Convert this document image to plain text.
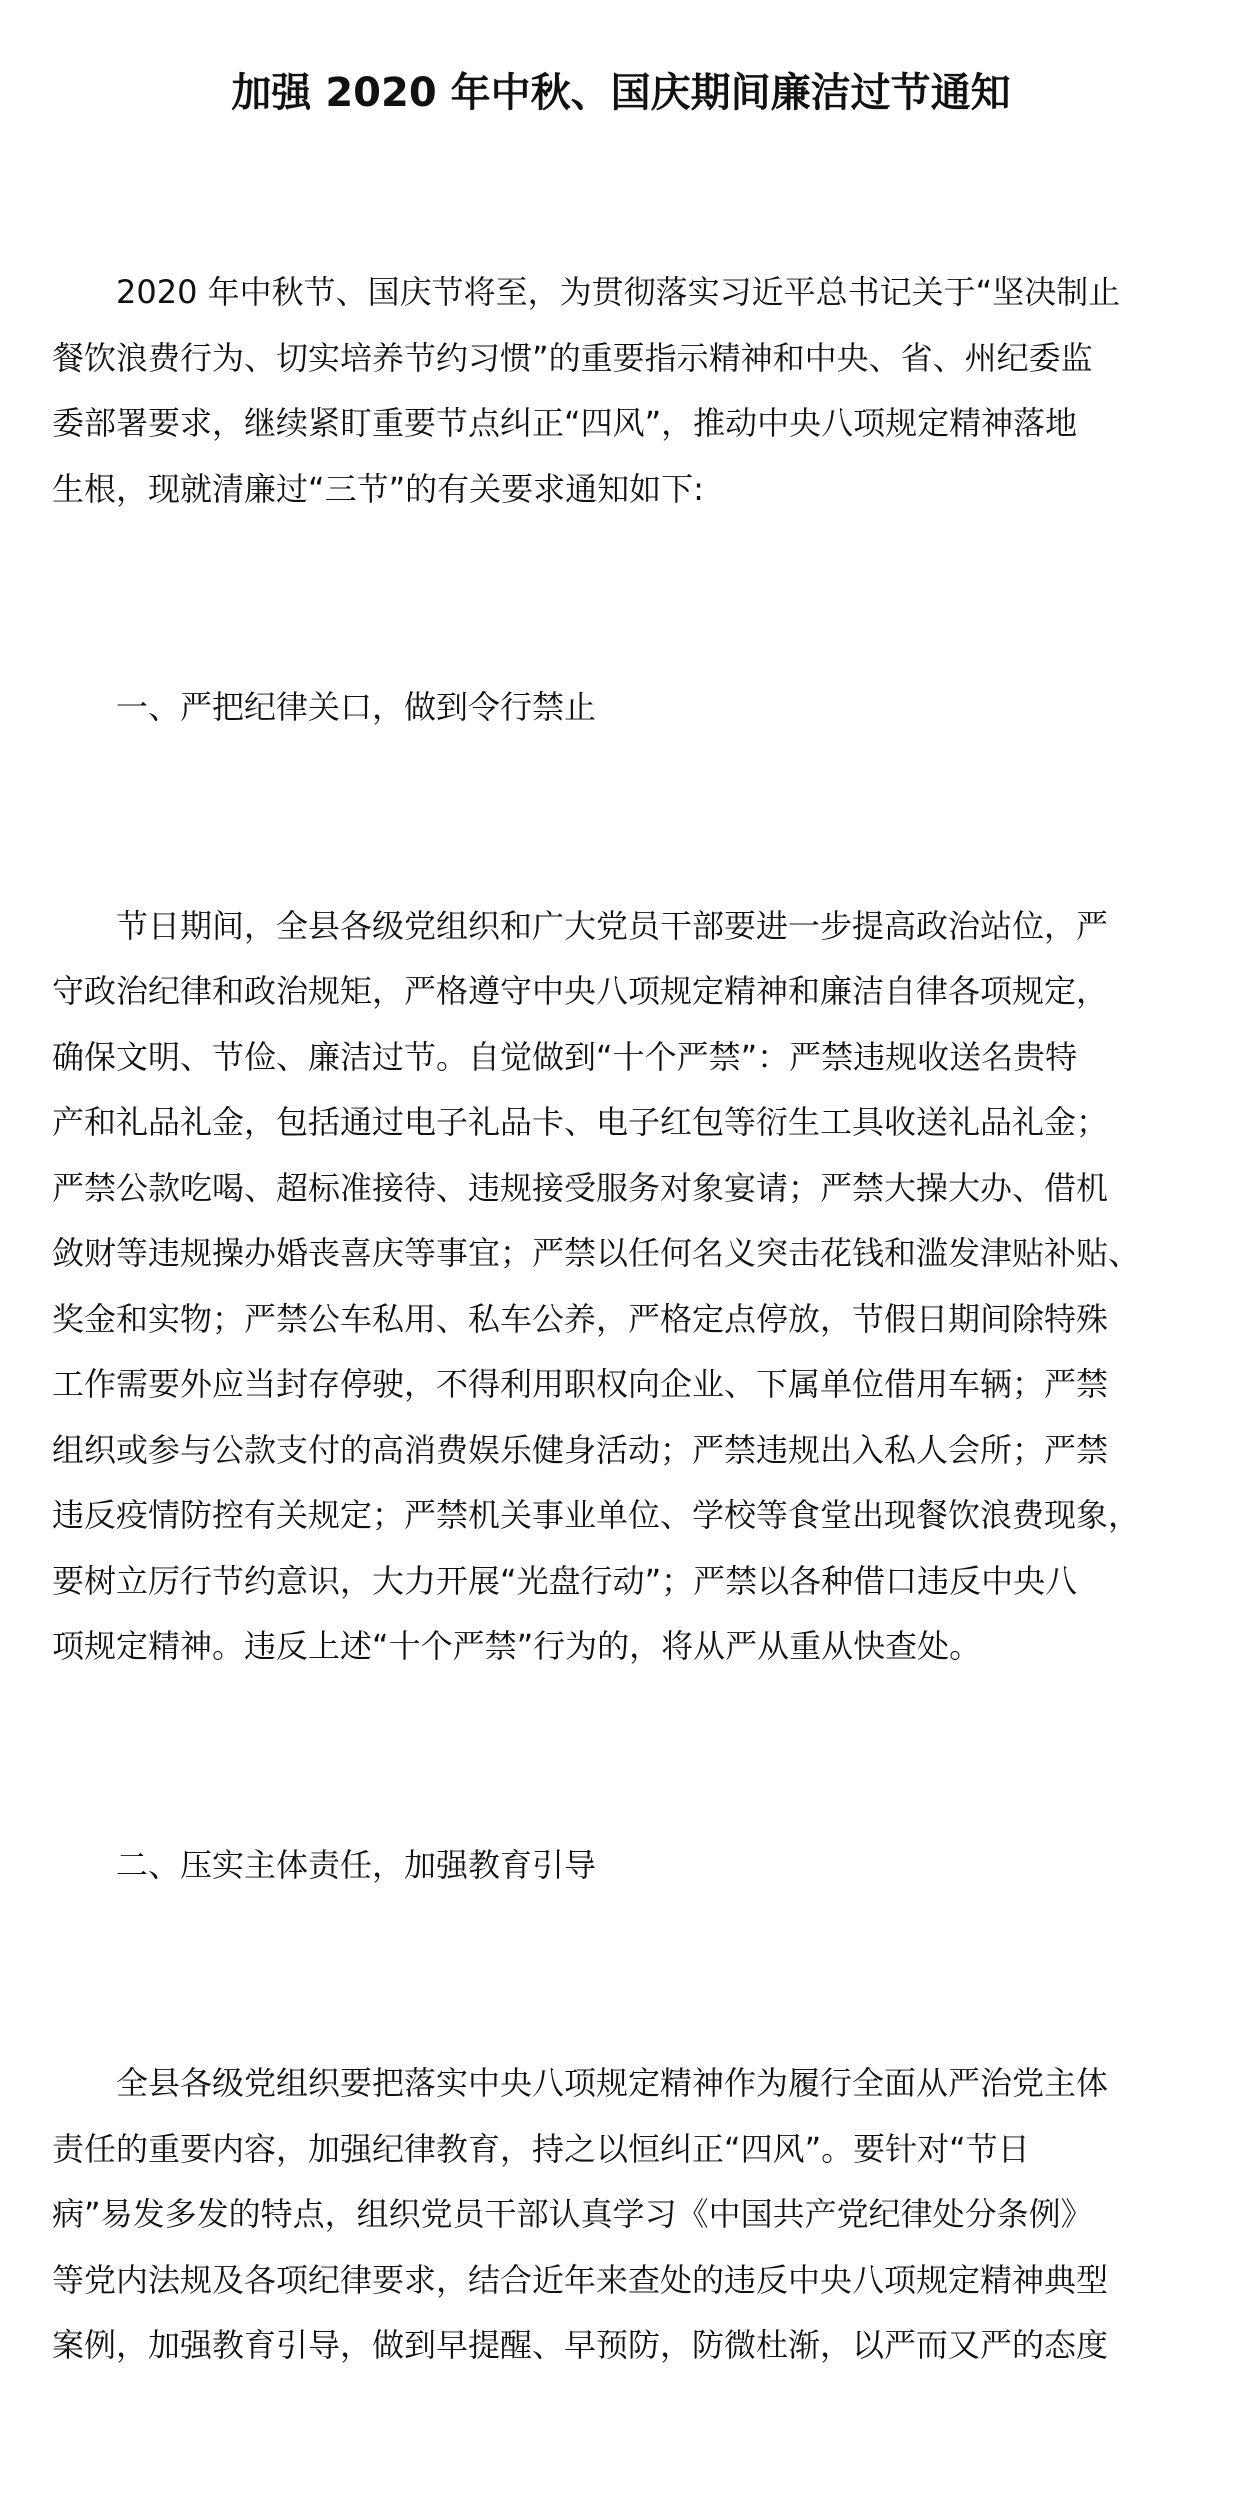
加强 2020 年中秋、国庆期间廉洁过节通知

2020 年中秋节、国庆节将至，为贯彻落实习近平总书记关于“坚决制止
餐饮浪费行为、切实培养节约习惯”的重要指示精神和中央、省、州纪委监
委部署要求，继续紧盯重要节点纠正“四风”，推动中央八项规定精神落地
生根，现就清廉过“三节”的有关要求通知如下:

一、严把纪律关口，做到令行禁止

节日期间，全县各级党组织和广大党员干部要进一步提高政治站位，严
守政治纪律和政治规矩，严格遵守中央八项规定精神和廉洁自律各项规定，
确保文明、节俭、廉洁过节。自觉做到“十个严禁”：严禁违规收送名贵特
产和礼品礼金，包括通过电子礼品卡、电子红包等衍生工具收送礼品礼金；
严禁公款吃喝、超标准接待、违规接受服务对象宴请；严禁大操大办、借机
敛财等违规操办婚丧喜庆等事宜；严禁以任何名义突击花钱和滥发津贴补贴、
奖金和实物；严禁公车私用、私车公养，严格定点停放，节假日期间除特殊
工作需要外应当封存停驶，不得利用职权向企业、下属单位借用车辆；严禁
组织或参与公款支付的高消费娱乐健身活动；严禁违规出入私人会所；严禁
违反疫情防控有关规定；严禁机关事业单位、学校等食堂出现餐饮浪费现象，
要树立厉行节约意识，大力开展“光盘行动”；严禁以各种借口违反中央八
项规定精神。违反上述“十个严禁”行为的，将从严从重从快查处。

二、压实主体责任，加强教育引导

全县各级党组织要把落实中央八项规定精神作为履行全面从严治党主体
责任的重要内容，加强纪律教育，持之以恒纠正“四风”。要针对“节日
病”易发多发的特点，组织党员干部认真学习《中国共产党纪律处分条例》
等党内法规及各项纪律要求，结合近年来查处的违反中央八项规定精神典型
案例，加强教育引导，做到早提醒、早预防，防微杜渐，以严而又严的态度
